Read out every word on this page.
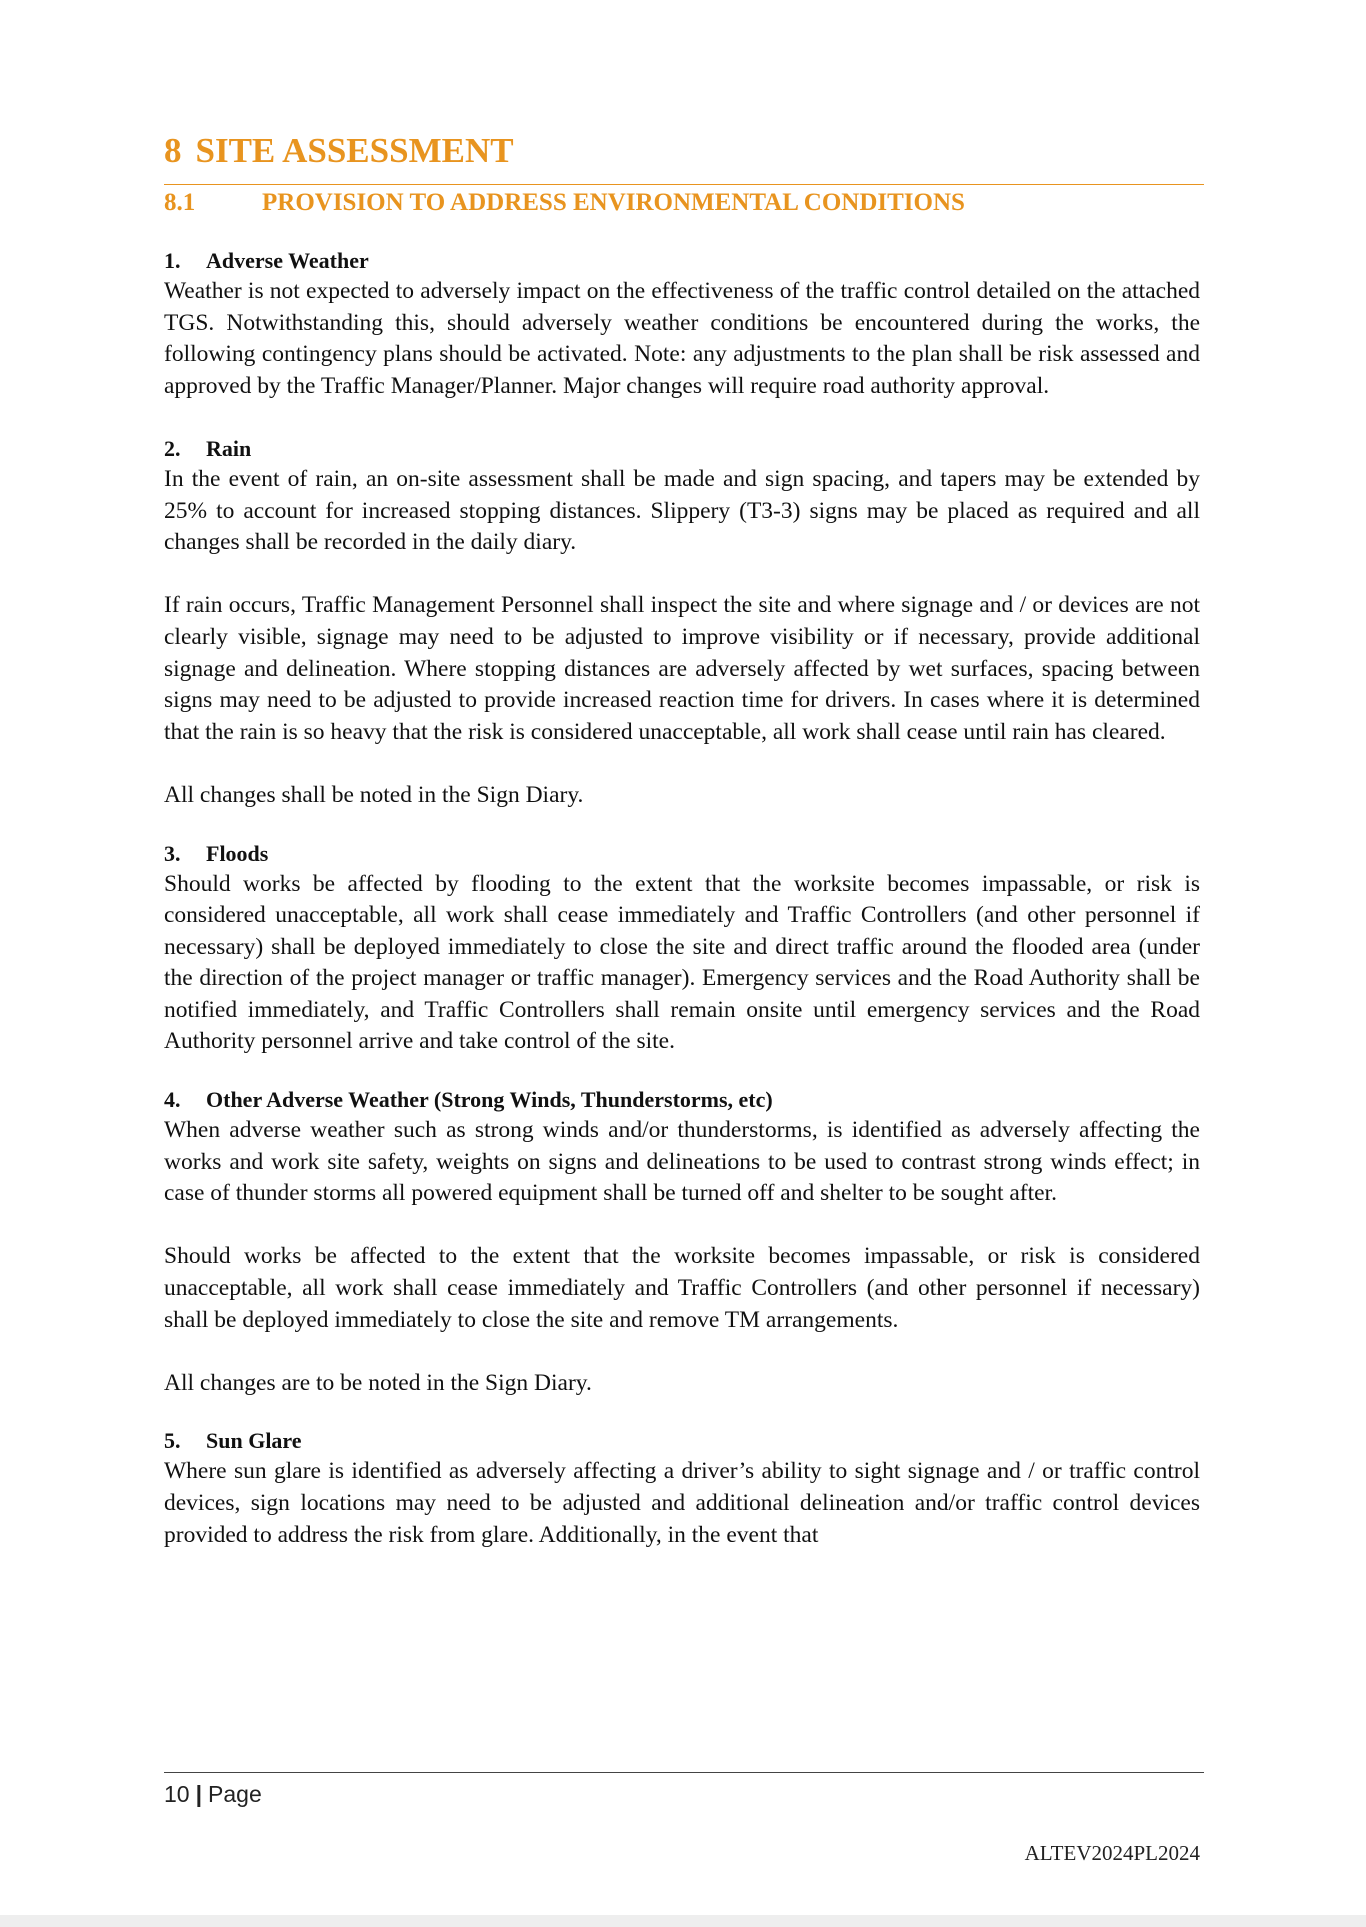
8 SITE ASSESSMENT
8.1	PROVISION TO ADDRESS ENVIRONMENTAL CONDITIONS
1. Adverse Weather

Weather is not expected to adversely impact on the effectiveness of the traffic control detailed on the attached TGS. Notwithstanding this, should adversely weather conditions be encountered during the works, the following contingency plans should be activated. Note: any adjustments to the plan shall be risk assessed and approved by the Traffic Manager/Planner. Major changes will require road authority approval.

2. Rain

In the event of rain, an on-site assessment shall be made and sign spacing, and tapers may be extended by 25% to account for increased stopping distances. Slippery (T3-3) signs may be placed as required and all changes shall be recorded in the daily diary.

If rain occurs, Traffic Management Personnel shall inspect the site and where signage and / or devices are not clearly visible, signage may need to be adjusted to improve visibility or if necessary, provide additional signage and delineation. Where stopping distances are adversely affected by wet surfaces, spacing between signs may need to be adjusted to provide increased reaction time for drivers. In cases where it is determined that the rain is so heavy that the risk is considered unacceptable, all work shall cease until rain has cleared.

All changes shall be noted in the Sign Diary.

3. Floods

Should works be affected by flooding to the extent that the worksite becomes impassable, or risk is considered unacceptable, all work shall cease immediately and Traffic Controllers (and other personnel if necessary) shall be deployed immediately to close the site and direct traffic around the flooded area (under the direction of the project manager or traffic manager). Emergency services and the Road Authority shall be notified immediately, and Traffic Controllers shall remain onsite until emergency services and the Road Authority personnel arrive and take control of the site.

4. Other Adverse Weather (Strong Winds, Thunderstorms, etc)

When adverse weather such as strong winds and/or thunderstorms, is identified as adversely affecting the works and work site safety, weights on signs and delineations to be used to contrast strong winds effect; in case of thunder storms all powered equipment shall be turned off and shelter to be sought after.

Should works be affected to the extent that the worksite becomes impassable, or risk is considered unacceptable, all work shall cease immediately and Traffic Controllers (and other personnel if necessary) shall be deployed immediately to close the site and remove TM arrangements.

All changes are to be noted in the Sign Diary.

5. Sun Glare

Where sun glare is identified as adversely affecting a driver’s ability to sight signage and / or traffic control devices, sign locations may need to be adjusted and additional delineation and/or traffic control devices provided to address the risk from glare. Additionally, in the event that

10 | Page
ALTEV2024PL2024
